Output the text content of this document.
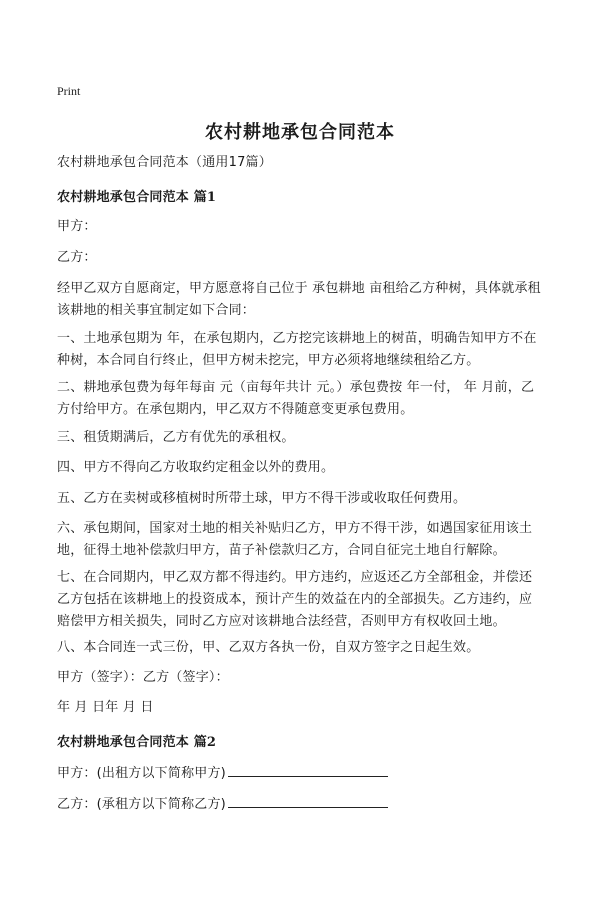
Print
农村耕地承包合同范本

农村耕地承包合同范本（通用17篇）

农村耕地承包合同范本 篇1

甲方：

乙方：

经甲乙双方自愿商定，甲方愿意将自己位于 承包耕地 亩租给乙方种树，具体就承租该耕地的相关事宜制定如下合同：

一、土地承包期为 年，在承包期内，乙方挖完该耕地上的树苗，明确告知甲方不在种树，本合同自行终止，但甲方树未挖完，甲方必须将地继续租给乙方。

二、耕地承包费为每年每亩 元（亩每年共计 元。）承包费按 年一付， 年 月前，乙方付给甲方。在承包期内，甲乙双方不得随意变更承包费用。

三、租赁期满后，乙方有优先的承租权。

四、甲方不得向乙方收取约定租金以外的费用。

五、乙方在卖树或移植树时所带土球，甲方不得干涉或收取任何费用。

六、承包期间，国家对土地的相关补贴归乙方，甲方不得干涉，如遇国家征用该土地，征得土地补偿款归甲方，苗子补偿款归乙方，合同自征完土地自行解除。

七、在合同期内，甲乙双方都不得违约。甲方违约，应返还乙方全部租金，并偿还乙方包括在该耕地上的投资成本，预计产生的效益在内的全部损失。乙方违约，应赔偿甲方相关损失，同时乙方应对该耕地合法经营，否则甲方有权收回土地。

八、本合同连一式三份，甲、乙双方各执一份，自双方签字之日起生效。

甲方（签字）：乙方（签字）：

年 月 日年 月 日

农村耕地承包合同范本 篇2

甲方：(出租方以下简称甲方)

乙方：(承租方以下简称乙方)
